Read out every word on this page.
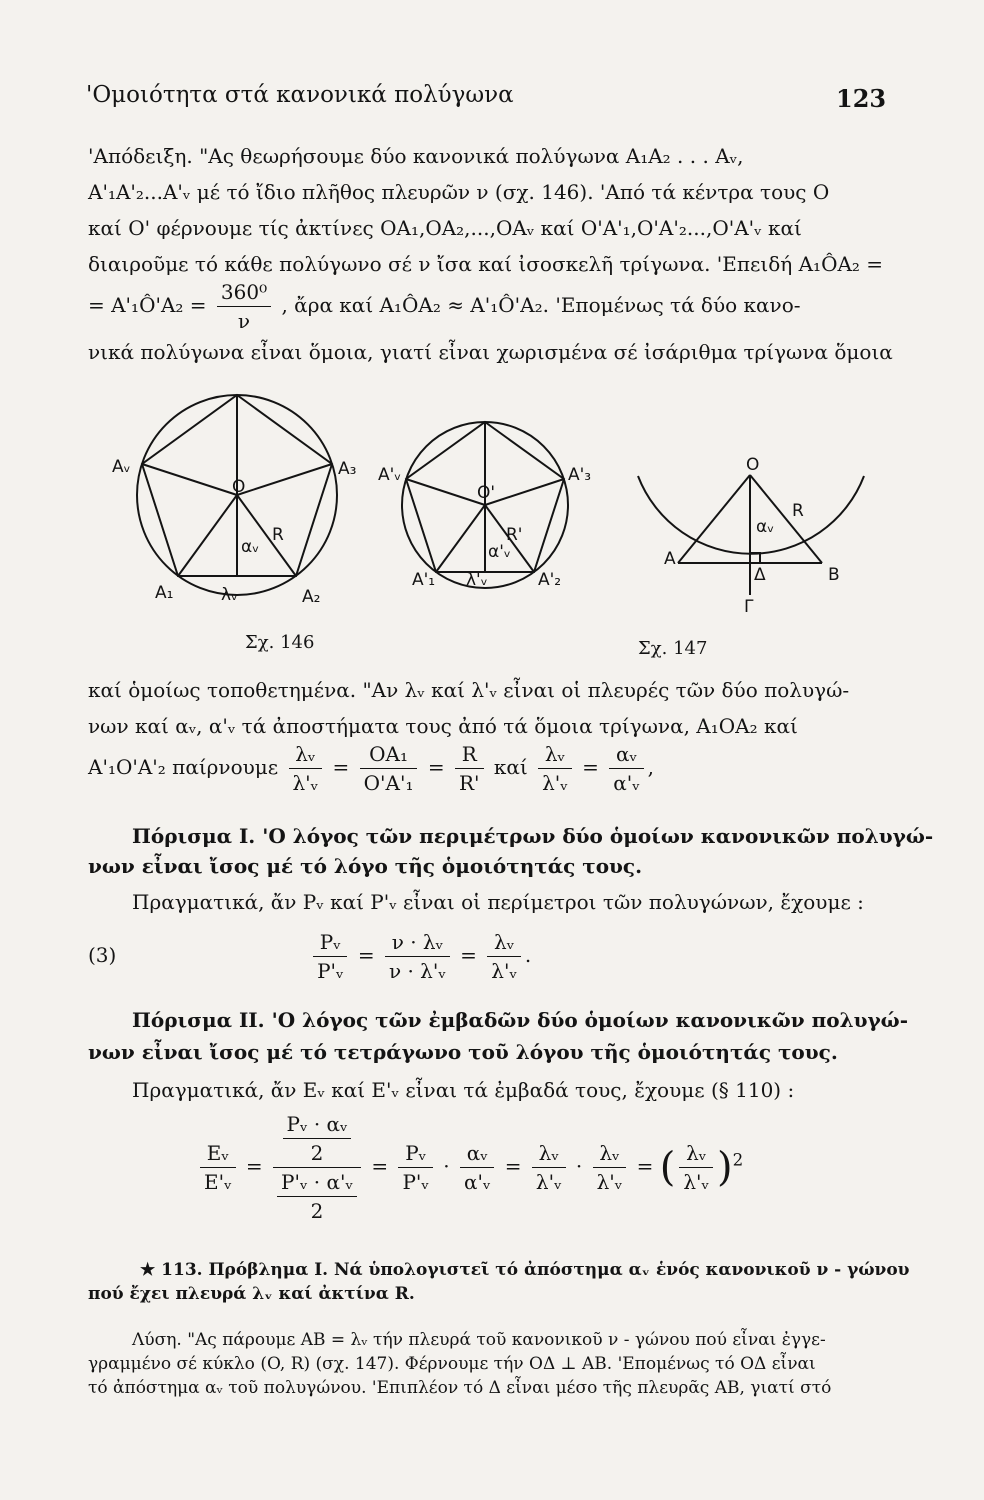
'Ομοιότητα στά κανονικά πολύγωνα	123
'Απόδειξη. "Ας θεωρήσουμε δύο κανονικά πολύγωνα A₁A₂ . . . Aᵥ,
A'₁A'₂...A'ᵥ μέ τό ἴδιο πλῆθος πλευρῶν ν (σχ. 146). 'Από τά κέντρα τους O
καί O' φέρνουμε τίς ἀκτίνες OA₁,OA₂,...,OAᵥ καί O'A'₁,O'A'₂...,O'A'ᵥ καί
διαιροῦμε τό κάθε πολύγωνο σέ ν ἴσα καί ἰσοσκελῆ τρίγωνα. 'Επειδή A₁ÔA₂ =
= A'₁Ô'A₂ = $\frac{\text{360⁰}}{\nu}$ , ἄρα καί A₁ÔA₂ ≈ A'₁Ô'A₂. 'Επομένως τά δύο κανο-
νικά πολύγωνα εἶναι ὅμοια, γιατί εἶναι χωρισμένα σέ ἰσάριθμα τρίγωνα ὅμοια
Aᵥ	A₃
O
R
αᵥ
A₁	λᵥ	A₂
A'ᵥ	A'₃
O'
R'
α'ᵥ
A'₁ λ'ᵥ	A'₂
O
R
αᵥ
A
Δ	B
Γ
Σχ. 146	Σχ. 147
καί ὁμοίως τοποθετημένα. "Αν λᵥ καί λ'ᵥ εἶναι οἱ πλευρές τῶν δύο πολυγώ-
νων καί αᵥ, α'ᵥ τά ἀποστήματα τους ἀπό τά ὅμοια τρίγωνα, A₁OA₂ καί
A'₁O'A'₂ παίρνουμε $\frac{\text{λᵥ}}{\text{λ'ᵥ}} = \frac{\text{OA₁}}{\text{O'A'₁}} = \frac{R}{R'}$ καί $\frac{\text{λᵥ}}{\text{λ'ᵥ}} = \frac{\text{αᵥ}}{\text{α'ᵥ}}$ ,
Πόρισμα I. 'Ο λόγος τῶν περιμέτρων δύο ὁμοίων κανονικῶν πολυγώ-
νων εἶναι ἴσος μέ τό λόγο τῆς ὁμοιότητάς τους.
Πραγματικά, ἄν Pᵥ καί P'ᵥ εἶναι οἱ περίμετροι τῶν πολυγώνων, ἔχουμε :
(3)	$\frac{\text{Pᵥ}}{\text{P'ᵥ}} = \frac{\text{ν · λᵥ}}{\text{ν · λ'ᵥ}} = \frac{\text{λᵥ}}{\text{λ'ᵥ}}$ .
Πόρισμα II. 'Ο λόγος τῶν ἐμβαδῶν δύο ὁμοίων κανονικῶν πολυγώ-
νων εἶναι ἴσος μέ τό τετράγωνο τοῦ λόγου τῆς ὁμοιότητάς τους.
Πραγματικά, ἄν Eᵥ καί E'ᵥ εἶναι τά ἐμβαδά τους, ἔχουμε (§ 110) :
$\frac{\text{Eᵥ}}{\text{E'ᵥ}} = \frac{\frac{\text{Pᵥ · αᵥ}}{2}}{\frac{\text{P'ᵥ · α'ᵥ}}{2}} = \frac{\text{Pᵥ}}{\text{P'ᵥ}} \cdot \frac{\text{αᵥ}}{\text{α'ᵥ}} = \frac{\text{λᵥ}}{\text{λ'ᵥ}} \cdot \frac{\text{λᵥ}}{\text{λ'ᵥ}}$ = ( $\frac{\text{λᵥ}}{\text{λ'ᵥ}} )^2$
★ 113. Πρόβλημα I. Νά ὑπολογιστεῖ τό ἀπόστημα αᵥ ἑνός κανονικοῦ ν - γώνου
πού ἔχει πλευρά λᵥ καί ἀκτίνα R.
Λύση. "Ας πάρουμε AB = λᵥ τήν πλευρά τοῦ κανονικοῦ ν - γώνου πού εἶναι ἐγγε-
γραμμένο σέ κύκλο (O, R) (σχ. 147). Φέρνουμε τήν OΔ ⊥ AB. 'Επομένως τό OΔ εἶναι
τό ἀπόστημα αᵥ τοῦ πολυγώνου. 'Επιπλέον τό Δ εἶναι μέσο τῆς πλευρᾶς AB, γιατί στό
